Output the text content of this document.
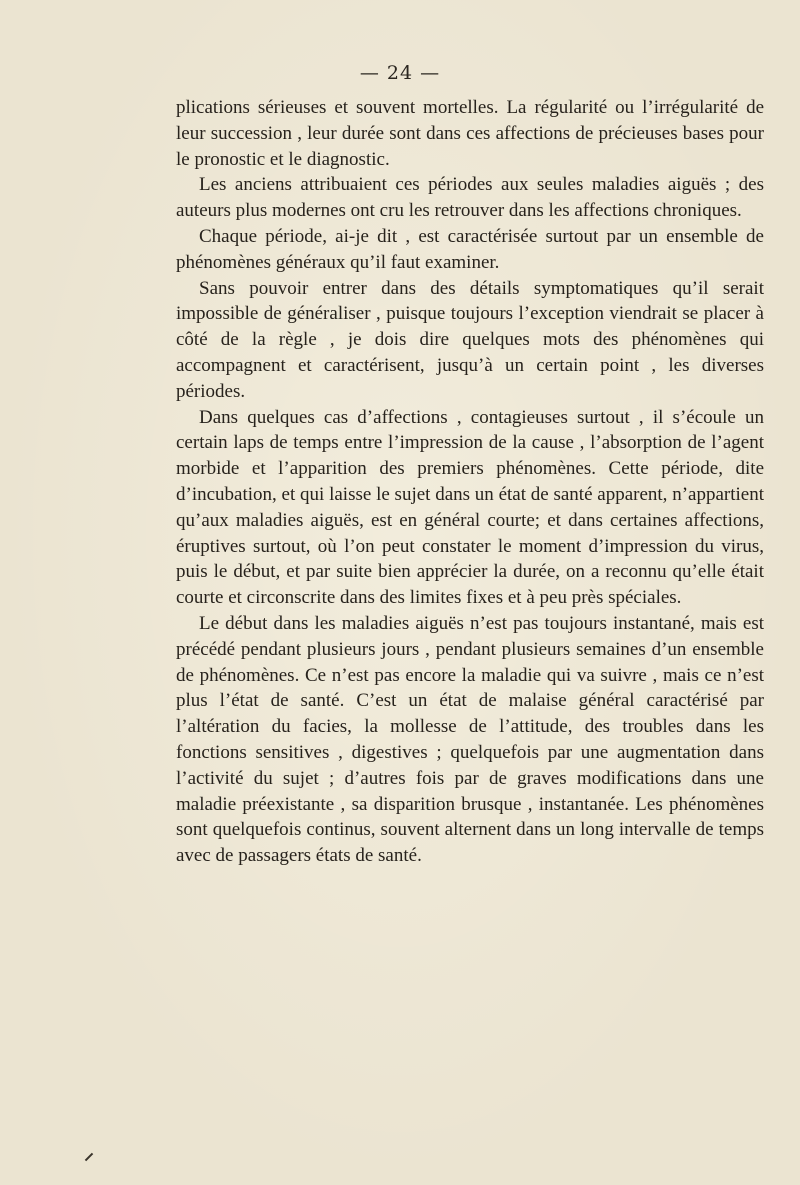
— 24 —

plications sérieuses et souvent mortelles. La régularité ou l’irrégularité de leur succession , leur durée sont dans ces affections de précieuses bases pour le pronostic et le diagnostic.

Les anciens attribuaient ces périodes aux seules maladies aiguës ; des auteurs plus modernes ont cru les retrouver dans les affections chroniques.

Chaque période, ai-je dit , est caractérisée surtout par un ensemble de phénomènes généraux qu’il faut examiner.

Sans pouvoir entrer dans des détails symptomatiques qu’il serait impossible de généraliser , puisque toujours l’exception viendrait se placer à côté de la règle , je dois dire quelques mots des phénomènes qui accompagnent et caractérisent, jusqu’à un certain point , les diverses périodes.

Dans quelques cas d’affections , contagieuses surtout , il s’écoule un certain laps de temps entre l’impression de la cause , l’absorption de l’agent morbide et l’apparition des premiers phénomènes. Cette période, dite d’incubation, et qui laisse le sujet dans un état de santé apparent, n’appartient qu’aux maladies aiguës, est en général courte; et dans certaines affections, éruptives surtout, où l’on peut constater le moment d’impression du virus, puis le début, et par suite bien apprécier la durée, on a reconnu qu’elle était courte et circonscrite dans des limites fixes et à peu près spéciales.

Le début dans les maladies aiguës n’est pas toujours instantané, mais est précédé pendant plusieurs jours , pendant plusieurs semaines d’un ensemble de phénomènes. Ce n’est pas encore la maladie qui va suivre , mais ce n’est plus l’état de santé. C’est un état de malaise général caractérisé par l’altération du facies, la mollesse de l’attitude, des troubles dans les fonctions sensitives , digestives ; quelquefois par une augmentation dans l’activité du sujet ; d’autres fois par de graves modifications dans une maladie préexistante , sa disparition brusque , instantanée. Les phénomènes sont quelquefois continus, souvent alternent dans un long intervalle de temps avec de passagers états de santé.
